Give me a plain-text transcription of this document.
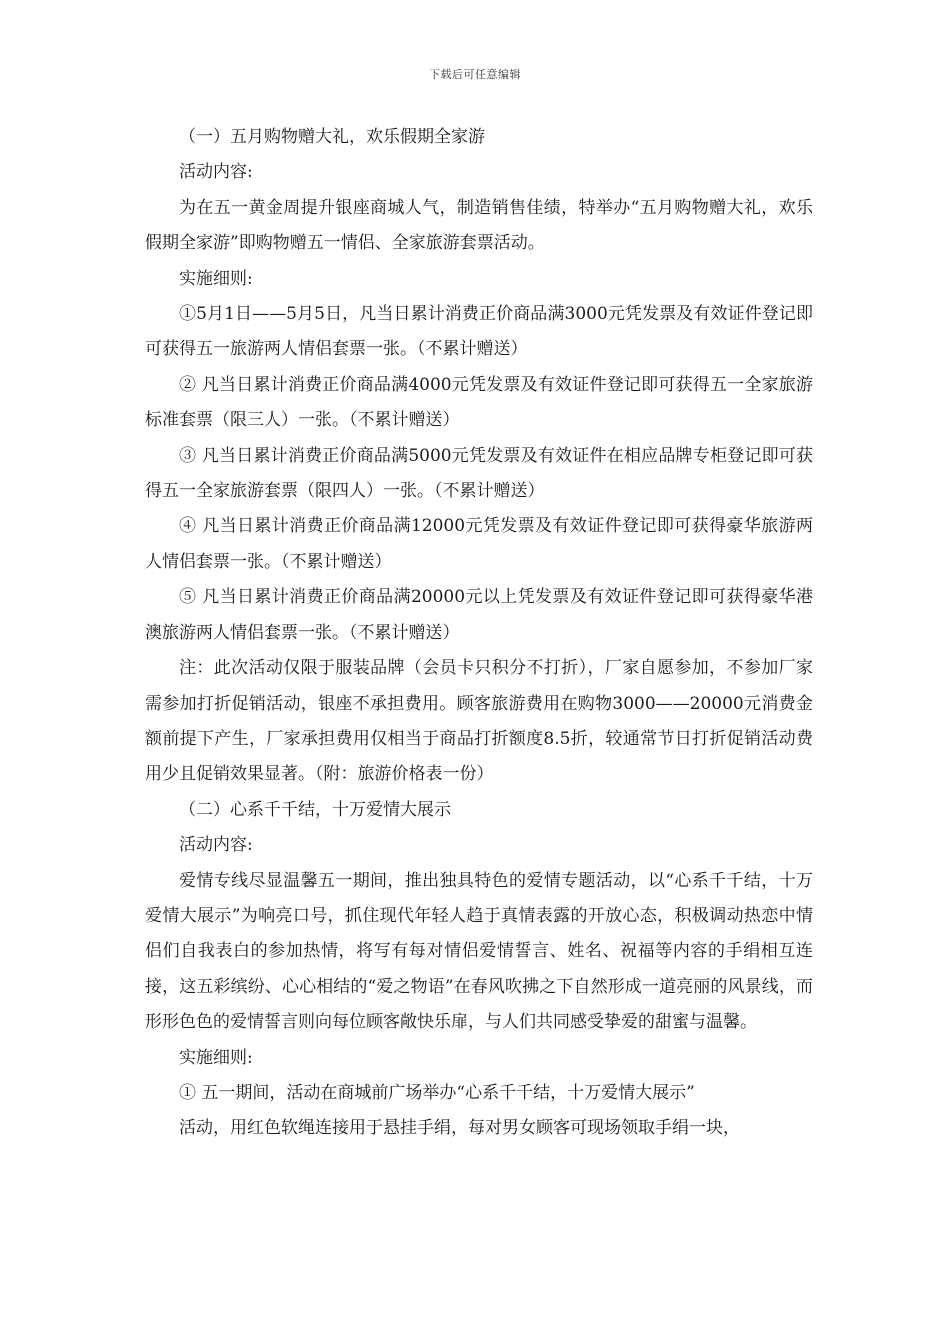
下载后可任意编辑

（一）五月购物赠大礼，欢乐假期全家游

活动内容:

为在五一黄金周提升银座商城人气，制造销售佳绩，特举办“五月购物赠大礼，欢乐假期全家游”即购物赠五一情侣、全家旅游套票活动。

实施细则:

①5月1日——5月5日，凡当日累计消费正价商品满3000元凭发票及有效证件登记即可获得五一旅游两人情侣套票一张。（不累计赠送）

② 凡当日累计消费正价商品满4000元凭发票及有效证件登记即可获得五一全家旅游标准套票（限三人）一张。（不累计赠送）

③ 凡当日累计消费正价商品满5000元凭发票及有效证件在相应品牌专柜登记即可获得五一全家旅游套票（限四人）一张。（不累计赠送）

④ 凡当日累计消费正价商品满12000元凭发票及有效证件登记即可获得豪华旅游两人情侣套票一张。（不累计赠送）

⑤ 凡当日累计消费正价商品满20000元以上凭发票及有效证件登记即可获得豪华港澳旅游两人情侣套票一张。（不累计赠送）

注：此次活动仅限于服装品牌（会员卡只积分不打折），厂家自愿参加，不参加厂家需参加打折促销活动，银座不承担费用。顾客旅游费用在购物3000——20000元消费金额前提下产生，厂家承担费用仅相当于商品打折额度8.5折，较通常节日打折促销活动费用少且促销效果显著。（附：旅游价格表一份）

（二）心系千千结，十万爱情大展示

活动内容:

爱情专线尽显温馨五一期间，推出独具特色的爱情专题活动，以“心系千千结，十万爱情大展示”为响亮口号，抓住现代年轻人趋于真情表露的开放心态，积极调动热恋中情侣们自我表白的参加热情，将写有每对情侣爱情誓言、姓名、祝福等内容的手绢相互连接，这五彩缤纷、心心相结的“爱之物语”在春风吹拂之下自然形成一道亮丽的风景线，而形形色色的爱情誓言则向每位顾客敞快乐扉，与人们共同感受挚爱的甜蜜与温馨。

实施细则:

① 五一期间，活动在商城前广场举办“心系千千结，十万爱情大展示”

活动，用红色软绳连接用于悬挂手绢，每对男女顾客可现场领取手绢一块，
